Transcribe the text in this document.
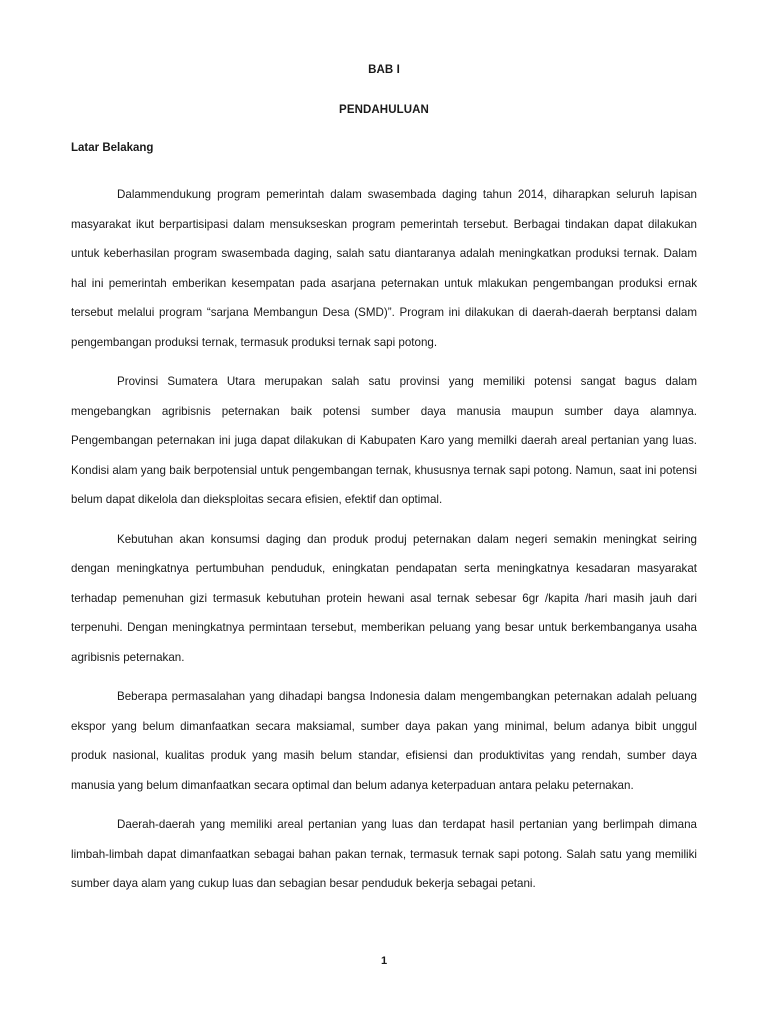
BAB I
PENDAHULUAN
Latar Belakang

Dalammendukung program pemerintah dalam swasembada daging tahun 2014, diharapkan seluruh lapisan masyarakat ikut berpartisipasi dalam mensukseskan program pemerintah tersebut. Berbagai tindakan dapat dilakukan untuk keberhasilan program swasembada daging, salah satu diantaranya adalah meningkatkan produksi ternak. Dalam hal ini pemerintah emberikan kesempatan pada asarjana peternakan untuk mlakukan pengembangan produksi ernak tersebut melalui program “sarjana Membangun Desa (SMD)”. Program ini dilakukan di daerah-daerah berptansi dalam pengembangan produksi ternak, termasuk produksi ternak sapi potong.

Provinsi Sumatera Utara merupakan salah satu provinsi yang memiliki potensi sangat bagus dalam mengebangkan agribisnis peternakan baik potensi sumber daya manusia maupun sumber daya alamnya. Pengembangan peternakan ini juga dapat dilakukan di Kabupaten Karo yang memilki daerah areal pertanian yang luas. Kondisi alam yang baik berpotensial untuk pengembangan ternak, khususnya ternak sapi potong. Namun, saat ini potensi belum dapat dikelola dan dieksploitas secara efisien, efektif dan optimal.

Kebutuhan akan konsumsi daging dan produk produj peternakan dalam negeri semakin meningkat seiring dengan meningkatnya pertumbuhan penduduk, eningkatan pendapatan serta meningkatnya kesadaran masyarakat terhadap pemenuhan gizi termasuk kebutuhan protein hewani asal ternak sebesar 6gr /kapita /hari masih jauh dari terpenuhi. Dengan meningkatnya permintaan tersebut, memberikan peluang yang besar untuk berkembanganya usaha agribisnis peternakan.

Beberapa permasalahan yang dihadapi bangsa Indonesia dalam mengembangkan peternakan adalah peluang ekspor yang belum dimanfaatkan secara maksiamal, sumber daya pakan yang minimal, belum adanya bibit unggul produk nasional, kualitas produk yang masih belum standar, efisiensi dan produktivitas yang rendah, sumber daya manusia yang belum dimanfaatkan secara optimal dan belum adanya keterpaduan antara pelaku peternakan.

Daerah-daerah yang memiliki areal pertanian yang luas dan terdapat hasil pertanian yang berlimpah dimana limbah-limbah dapat dimanfaatkan sebagai bahan pakan ternak, termasuk ternak sapi potong. Salah satu yang memiliki sumber daya alam yang cukup luas dan sebagian besar penduduk bekerja sebagai petani.

1
